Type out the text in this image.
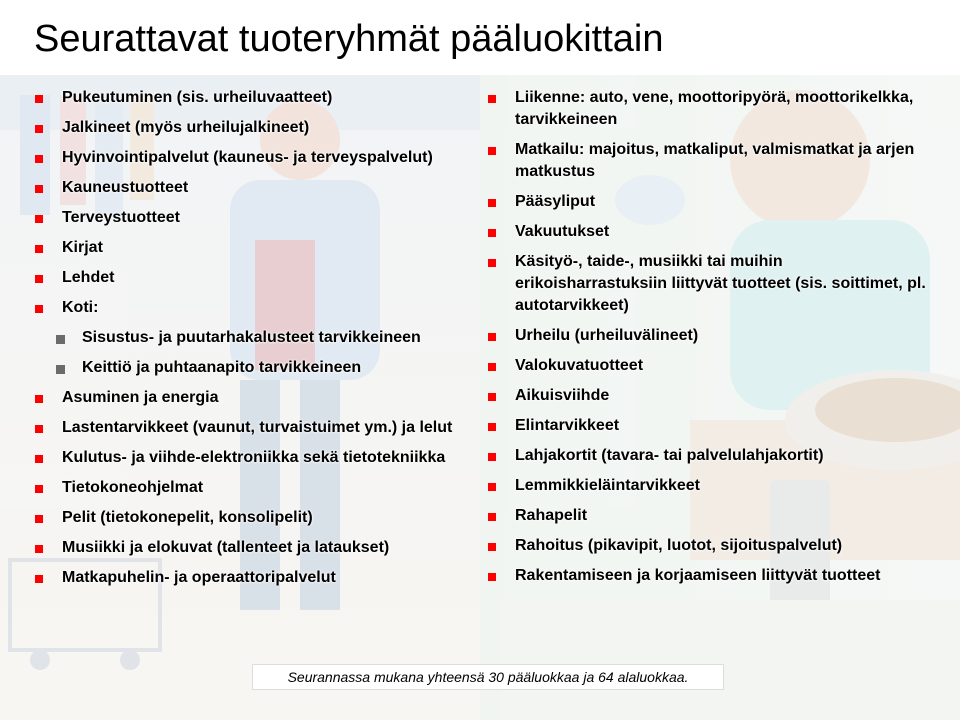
Seurattavat tuoteryhmät pääluokittain
Pukeutuminen (sis. urheiluvaatteet)
Jalkineet (myös urheilujalkineet)
Hyvinvointipalvelut (kauneus- ja terveyspalvelut)
Kauneustuotteet
Terveystuotteet
Kirjat
Lehdet
Koti:
Sisustus- ja puutarhakalusteet tarvikkeineen
Keittiö ja puhtaanapito tarvikkeineen
Asuminen ja energia
Lastentarvikkeet (vaunut, turvaistuimet ym.) ja lelut
Kulutus- ja viihde-elektroniikka sekä tietotekniikka
Tietokoneohjelmat
Pelit (tietokonepelit, konsolipelit)
Musiikki ja elokuvat (tallenteet ja lataukset)
Matkapuhelin- ja operaattoripalvelut
Liikenne: auto, vene, moottoripyörä, moottorikelkka, tarvikkeineen
Matkailu: majoitus, matkaliput, valmismatkat ja arjen matkustus
Pääsyliput
Vakuutukset
Käsityö-, taide-, musiikki tai muihin erikoisharrastuksiin liittyvät tuotteet (sis. soittimet, pl. autotarvikkeet)
Urheilu (urheiluvälineet)
Valokuvatuotteet
Aikuisviihde
Elintarvikkeet
Lahjakortit (tavara- tai palvelulahjakortit)
Lemmikkieläintarvikkeet
Rahapelit
Rahoitus (pikavipit, luotot, sijoituspalvelut)
Rakentamiseen ja korjaamiseen liittyvät tuotteet
Seurannassa mukana yhteensä 30 pääluokkaa ja 64 alaluokkaa.
